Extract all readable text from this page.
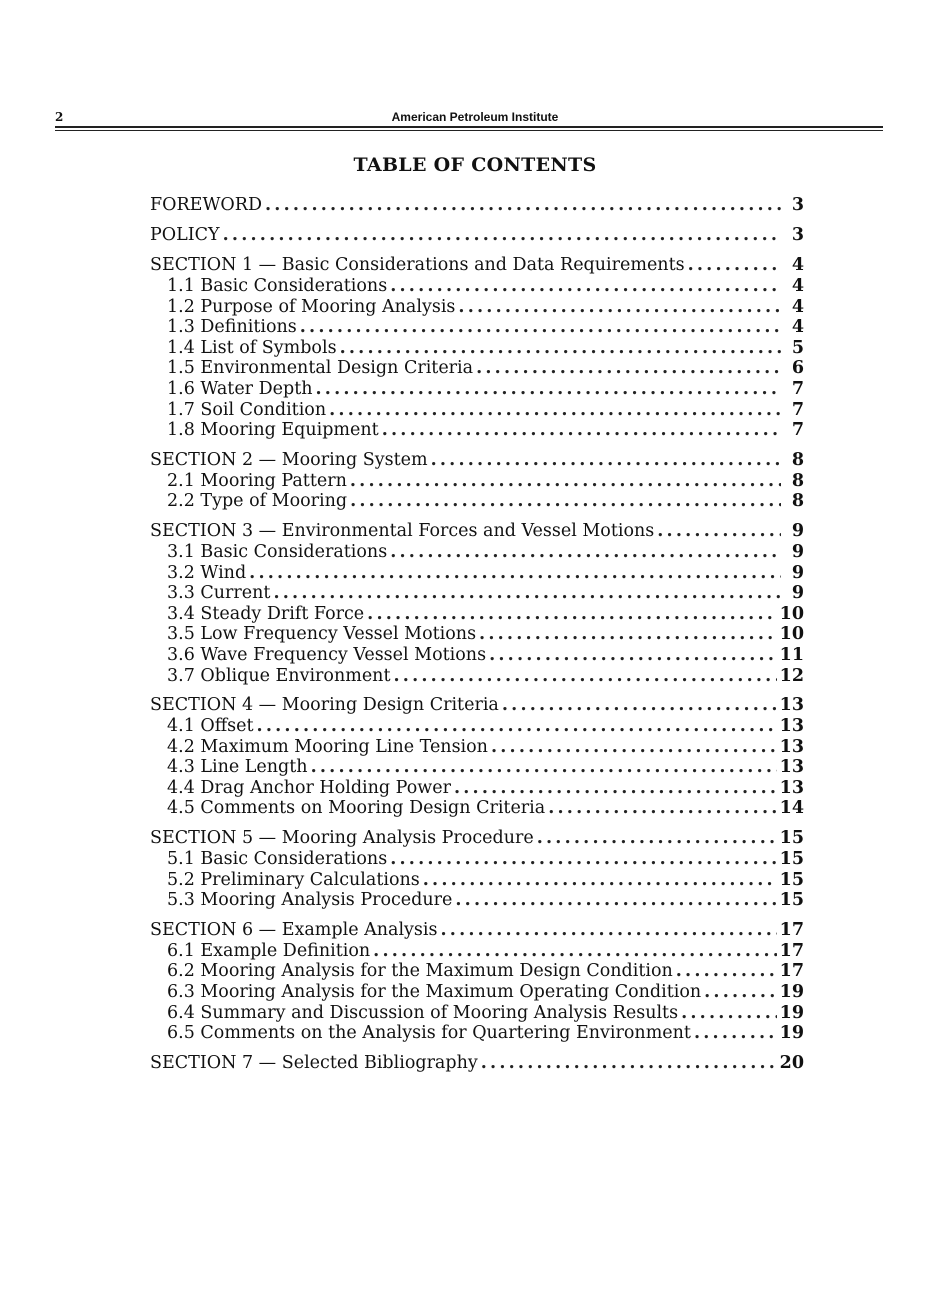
2	American Petroleum Institute
TABLE OF CONTENTS
FOREWORD .....	3
POLICY .....	3
SECTION 1 — Basic Considerations and Data Requirements .....	4
1.1 Basic Considerations .....	4
1.2 Purpose of Mooring Analysis .....	4
1.3 Definitions .....	4
1.4 List of Symbols .....	5
1.5 Environmental Design Criteria .....	6
1.6 Water Depth .....	7
1.7 Soil Condition .....	7
1.8 Mooring Equipment .....	7
SECTION 2 — Mooring System .....	8
2.1 Mooring Pattern .....	8
2.2 Type of Mooring .....	8
SECTION 3 — Environmental Forces and Vessel Motions .....	9
3.1 Basic Considerations .....	9
3.2 Wind .....	9
3.3 Current .....	9
3.4 Steady Drift Force .....	10
3.5 Low Frequency Vessel Motions .....	10
3.6 Wave Frequency Vessel Motions .....	11
3.7 Oblique Environment .....	12
SECTION 4 — Mooring Design Criteria .....	13
4.1 Offset .....	13
4.2 Maximum Mooring Line Tension .....	13
4.3 Line Length .....	13
4.4 Drag Anchor Holding Power .....	13
4.5 Comments on Mooring Design Criteria .....	14
SECTION 5 — Mooring Analysis Procedure .....	15
5.1 Basic Considerations .....	15
5.2 Preliminary Calculations .....	15
5.3 Mooring Analysis Procedure .....	15
SECTION 6 — Example Analysis .....	17
6.1 Example Definition .....	17
6.2 Mooring Analysis for the Maximum Design Condition .....	17
6.3 Mooring Analysis for the Maximum Operating Condition .....	19
6.4 Summary and Discussion of Mooring Analysis Results .....	19
6.5 Comments on the Analysis for Quartering Environment .....	19
SECTION 7 — Selected Bibliography .....	20
